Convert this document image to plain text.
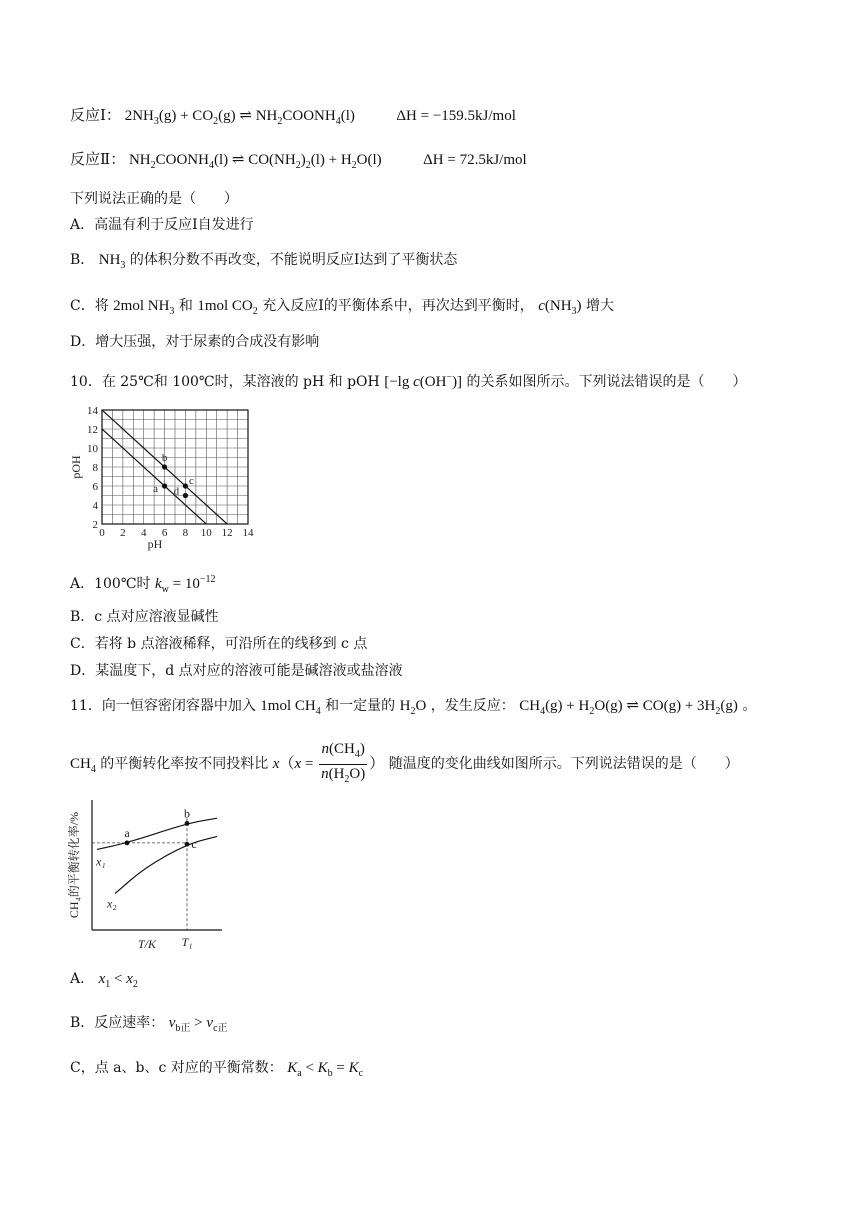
反应Ⅰ： $2NH_3(g) + CO_2(g)$ ⇌ $NH_2COONH_4(l)$	ΔH = −159.5kJ/mol
反应Ⅱ： $NH_2COONH_4(l)$ ⇌ $CO(NH_2)_2(l) + H_2O(l)$	ΔH = 72.5kJ/mol
下列说法正确的是（　　）
A．高温有利于反应Ⅰ自发进行
B． $NH_3$ 的体积分数不再改变，不能说明反应Ⅰ达到了平衡状态
C．将 2mol $NH_3$ 和 1mol $CO_2$ 充入反应Ⅰ的平衡体系中，再次达到平衡时， $c(NH_3)$ 增大
D．增大压强，对于尿素的合成没有影响
10．在 25℃和 100℃时，某溶液的 pH 和 pOH [−lg c(OH−)] 的关系如图所示。下列说法错误的是（　　）
0 2 4 6 8 10 12 14
2
4
6
8
10
12
14
a
b
c
d
pH
pOH
A．100℃时 $k_w = 10^{-12}$
B．c 点对应溶液显碱性
C．若将 b 点溶液稀释，可沿所在的线移到 c 点
D．某温度下，d 点对应的溶液可能是碱溶液或盐溶液
11．向一恒容密闭容器中加入 1mol $CH_4$ 和一定量的 $H_2O$ ，发生反应： $CH_4(g) + H_2O(g)$ ⇌ $CO(g) + 3H_2(g)$ 。
$CH_4$ 的平衡转化率按不同投料比 $x(x = \frac{n(CH_4)}{n(H_2O)}$ ） 随温度的变化曲线如图所示。下列说法错误的是（　　）
x₁
x₂
a
b
c
T/K T₁
CH₄的平衡转化率/%
A． $x_1 < x_2$
B．反应速率： $v_{b正} > v_{c正}$
C，点 a、b、c 对应的平衡常数： $K_a < K_b = K_c$
